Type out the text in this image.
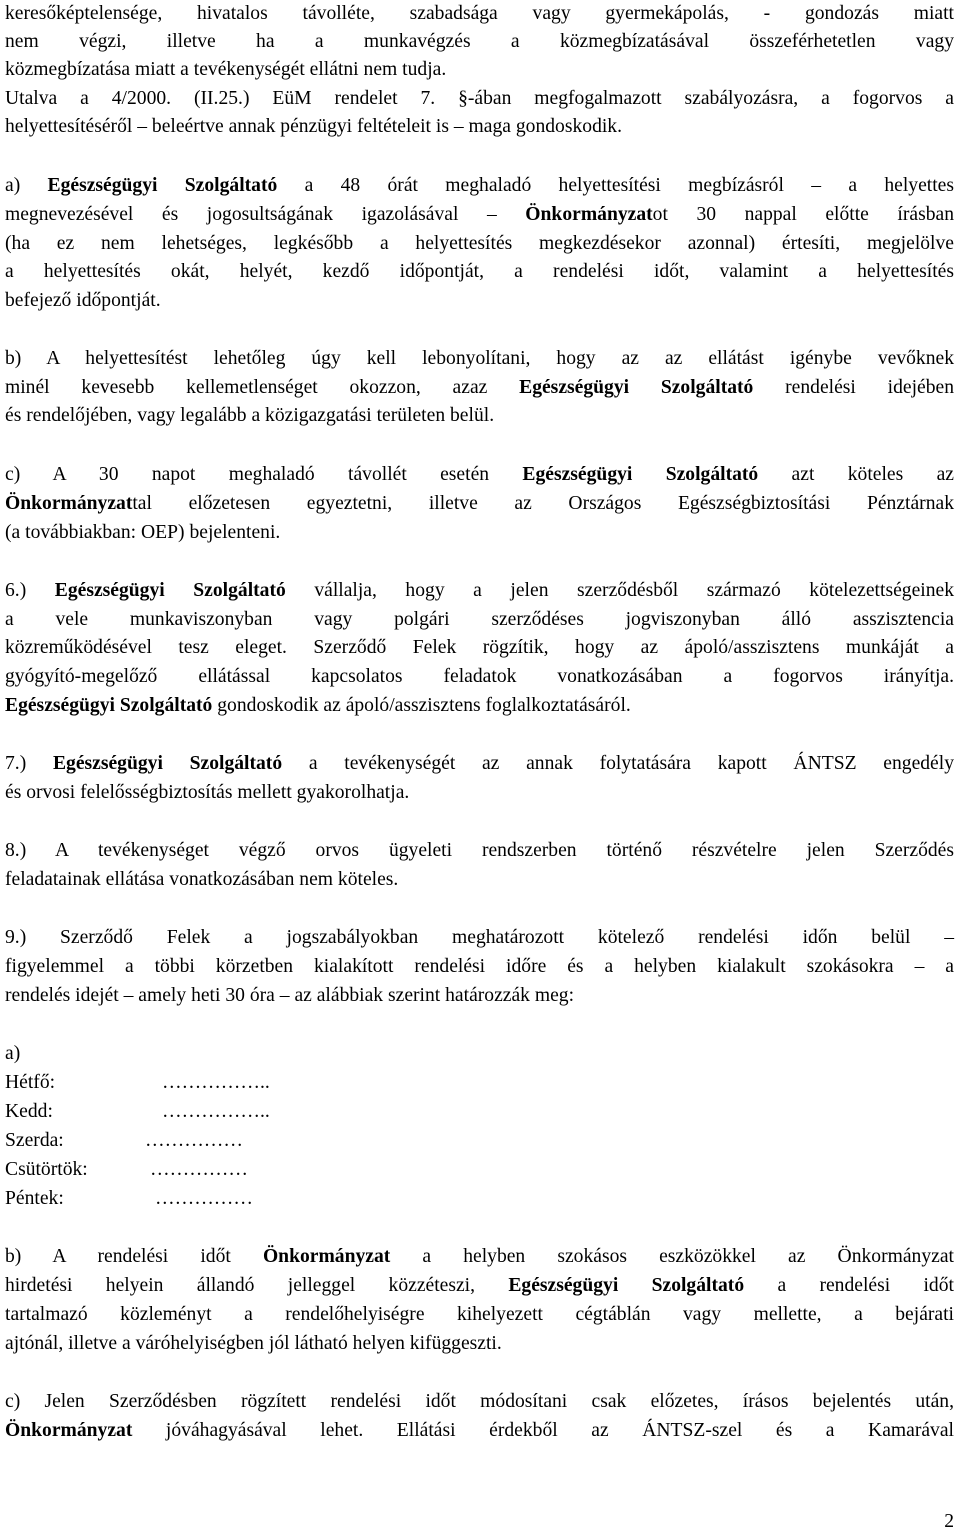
keresőképtelensége, hivatalos távolléte, szabadsága vagy gyermekápolás, - gondozás miatt
nem végzi, illetve ha a munkavégzés a közmegbízatásával összeférhetetlen vagy
közmegbízatása miatt a tevékenységét ellátni nem tudja.
Utalva a 4/2000. (II.25.) EüM rendelet 7. §-ában megfogalmazott szabályozásra, a fogorvos a
helyettesítéséről – beleértve annak pénzügyi feltételeit is – maga gondoskodik.
a) Egészségügyi Szolgáltató a 48 órát meghaladó helyettesítési megbízásról – a helyettes
megnevezésével és jogosultságának igazolásával – Önkormányzatot 30 nappal előtte írásban
(ha ez nem lehetséges, legkésőbb a helyettesítés megkezdésekor azonnal) értesíti, megjelölve
a helyettesítés okát, helyét, kezdő időpontját, a rendelési időt, valamint a helyettesítés
befejező időpontját.
b) A helyettesítést lehetőleg úgy kell lebonyolítani, hogy az az ellátást igénybe vevőknek
minél kevesebb kellemetlenséget okozzon, azaz Egészségügyi Szolgáltató rendelési idejében
és rendelőjében, vagy legalább a közigazgatási területen belül.
c) A 30 napot meghaladó távollét esetén Egészségügyi Szolgáltató azt köteles az
Önkormányzattal előzetesen egyeztetni, illetve az Országos Egészségbiztosítási Pénztárnak
(a továbbiakban: OEP) bejelenteni.
6.) Egészségügyi Szolgáltató vállalja, hogy a jelen szerződésből származó kötelezettségeinek
a vele munkaviszonyban vagy polgári szerződéses jogviszonyban álló asszisztencia
közreműködésével tesz eleget. Szerződő Felek rögzítik, hogy az ápoló/asszisztens munkáját a
gyógyító-megelőző ellátással kapcsolatos feladatok vonatkozásában a fogorvos irányítja.
Egészségügyi Szolgáltató gondoskodik az ápoló/asszisztens foglalkoztatásáról.
7.) Egészségügyi Szolgáltató a tevékenységét az annak folytatására kapott ÁNTSZ engedély
és orvosi felelősségbiztosítás mellett gyakorolhatja.
8.) A tevékenységet végző orvos ügyeleti rendszerben történő részvételre jelen Szerződés
feladatainak ellátása vonatkozásában nem köteles.
9.) Szerződő Felek a jogszabályokban meghatározott kötelező rendelési időn belül –
figyelemmel a többi körzetben kialakított rendelési időre és a helyben kialakult szokásokra – a
rendelés idejét – amely heti 30 óra – az alábbiak szerint határozzák meg:
a)
Hétfő:	……………..
Kedd:	……………..
Szerda:	……………
Csütörtök:	……………
Péntek:	……………
b) A rendelési időt Önkormányzat a helyben szokásos eszközökkel az Önkormányzat
hirdetési helyein állandó jelleggel közzéteszi, Egészségügyi Szolgáltató a rendelési időt
tartalmazó közleményt a rendelőhelyiségre kihelyezett cégtáblán vagy mellette, a bejárati
ajtónál, illetve a váróhelyiségben jól látható helyen kifüggeszti.
c) Jelen Szerződésben rögzített rendelési időt módosítani csak előzetes, írásos bejelentés után,
Önkormányzat jóváhagyásával lehet. Ellátási érdekből az ÁNTSZ-szel és a Kamarával
2
